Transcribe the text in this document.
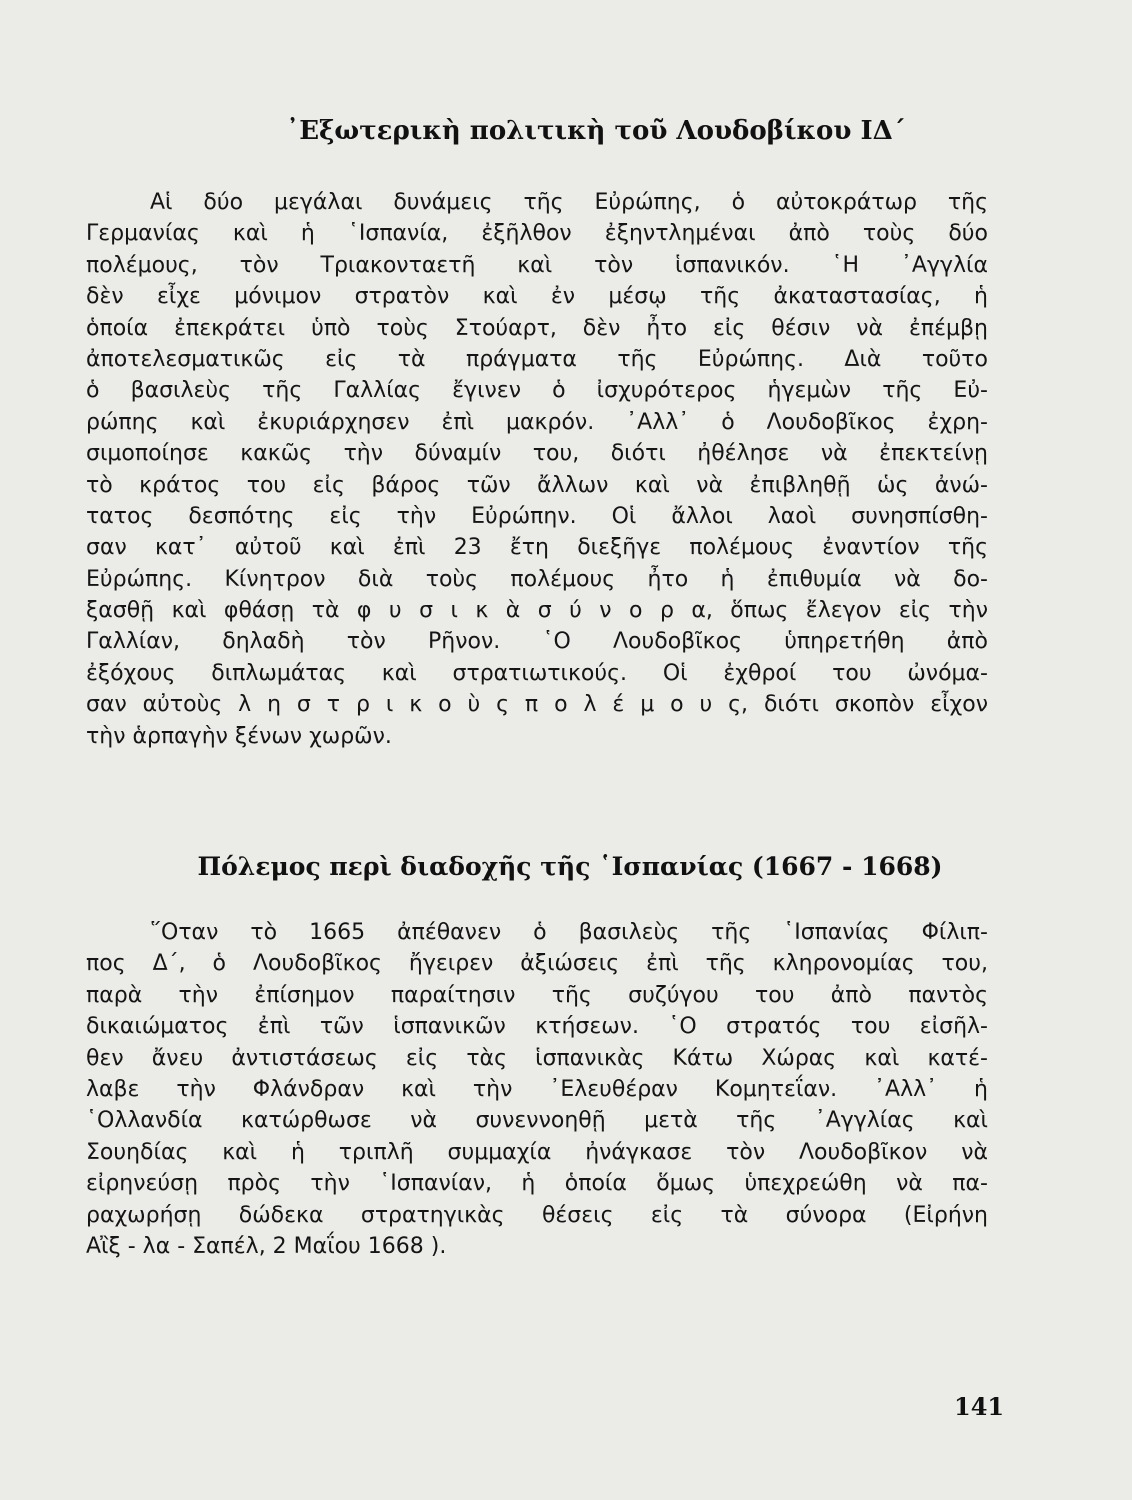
᾿Εξωτερικὴ πολιτικὴ τοῦ Λουδοβίκου ΙΔ΄
Αἱ δύο μεγάλαι δυνάμεις τῆς Εὐρώπης, ὁ αὐτοκράτωρ τῆς
Γερμανίας καὶ ἡ ῾Ισπανία, ἐξῆλθον ἐξηντλημέναι ἀπὸ τοὺς δύο
πολέμους, τὸν Τριακονταετῆ καὶ τὸν ἱσπανικόν. ῾Η ᾿Αγγλία
δὲν εἶχε μόνιμον στρατὸν καὶ ἐν μέσῳ τῆς ἀκαταστασίας, ἡ
ὁποία ἐπεκράτει ὑπὸ τοὺς Στούαρτ, δὲν ἦτο εἰς θέσιν νὰ ἐπέμβῃ
ἀποτελεσματικῶς εἰς τὰ πράγματα τῆς Εὐρώπης. Διὰ τοῦτο
ὁ βασιλεὺς τῆς Γαλλίας ἔγινεν ὁ ἰσχυρότερος ἡγεμὼν τῆς Εὐ-
ρώπης καὶ ἐκυριάρχησεν ἐπὶ μακρόν. ᾿Αλλ᾿ ὁ Λουδοβῖκος ἐχρη-
σιμοποίησε κακῶς τὴν δύναμίν του, διότι ἠθέλησε νὰ ἐπεκτείνῃ
τὸ κράτος του εἰς βάρος τῶν ἄλλων καὶ νὰ ἐπιβληθῇ ὡς ἀνώ-
τατος δεσπότης εἰς τὴν Εὐρώπην. Οἱ ἄλλοι λαοὶ συνησπίσθη-
σαν κατ᾿ αὐτοῦ καὶ ἐπὶ 23 ἔτη διεξῆγε πολέμους ἐναντίον τῆς
Εὐρώπης. Κίνητρον διὰ τοὺς πολέμους ἦτο ἡ ἐπιθυμία νὰ δο-
ξασθῇ καὶ φθάσῃ τὰ φ υ σ ι κ ὰ σ ύ ν ο ρ α, ὅπως ἔλεγον εἰς τὴν
Γαλλίαν, δηλαδὴ τὸν Ρῆνον. ῾Ο Λουδοβῖκος ὑπηρετήθη ἀπὸ
ἐξόχους διπλωμάτας καὶ στρατιωτικούς. Οἱ ἐχθροί του ὠνόμα-
σαν αὐτοὺς λ η σ τ ρ ι κ ο ὺ ς π ο λ έ μ ο υ ς, διότι σκοπὸν εἶχον
τὴν ἁρπαγὴν ξένων χωρῶν.
Πόλεμος περὶ διαδοχῆς τῆς ῾Ισπανίας (1667 - 1668)
῞Οταν τὸ 1665 ἀπέθανεν ὁ βασιλεὺς τῆς ῾Ισπανίας Φίλιπ-
πος Δ΄, ὁ Λουδοβῖκος ἤγειρεν ἀξιώσεις ἐπὶ τῆς κληρονομίας του,
παρὰ τὴν ἐπίσημον παραίτησιν τῆς συζύγου του ἀπὸ παντὸς
δικαιώματος ἐπὶ τῶν ἱσπανικῶν κτήσεων. ῾Ο στρατός του εἰσῆλ-
θεν ἄνευ ἀντιστάσεως εἰς τὰς ἱσπανικὰς Κάτω Χώρας καὶ κατέ-
λαβε τὴν Φλάνδραν καὶ τὴν ᾿Ελευθέραν Κομητεΐαν. ᾿Αλλ᾿ ἡ
῾Ολλανδία κατώρθωσε νὰ συνεννοηθῇ μετὰ τῆς ᾿Αγγλίας καὶ
Σουηδίας καὶ ἡ τριπλῆ συμμαχία ἠνάγκασε τὸν Λουδοβῖκον νὰ
εἰρηνεύσῃ πρὸς τὴν ῾Ισπανίαν, ἡ ὁποία ὅμως ὑπεχρεώθη νὰ πα-
ραχωρήσῃ δώδεκα στρατηγικὰς θέσεις εἰς τὰ σύνορα (Εἰρήνη
Αἲξ - λα - Σαπέλ, 2 Μαΐου 1668 ).
141
